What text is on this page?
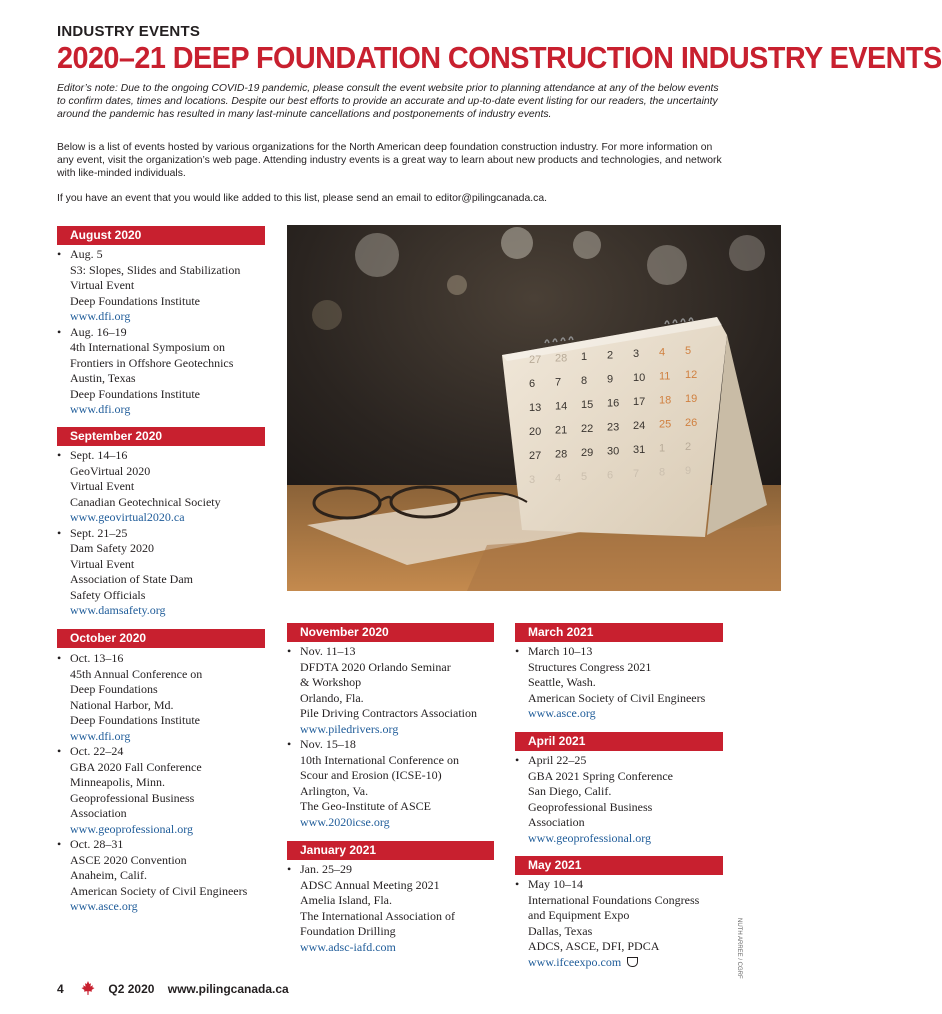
INDUSTRY EVENTS
2020–21 DEEP FOUNDATION CONSTRUCTION INDUSTRY EVENTS
Editor’s note: Due to the ongoing COVID-19 pandemic, please consult the event website prior to planning attendance at any of the below events to confirm dates, times and locations. Despite our best efforts to provide an accurate and up-to-date event listing for our readers, the uncertainty around the pandemic has resulted in many last-minute cancellations and postponements of industry events.
Below is a list of events hosted by various organizations for the North American deep foundation construction industry. For more information on any event, visit the organization’s web page. Attending industry events is a great way to learn about new products and technologies, and network with like-minded individuals.
If you have an event that you would like added to this list, please send an email to editor@pilingcanada.ca.
August 2020
September 2020
October 2020	November 2020
January 2021
March 2021
April 2021
May 2021
• Aug. 5
S3: Slopes, Slides and Stabilization
Virtual Event
Deep Foundations Institute
www.dfi.org
• Aug. 16–19
4th International Symposium on
Frontiers in Offshore Geotechnics
Austin, Texas
Deep Foundations Institute
www.dfi.org
• Sept. 14–16
GeoVirtual 2020
Virtual Event
Canadian Geotechnical Society
www.geovirtual2020.ca
• Sept. 21–25
Dam Safety 2020
Virtual Event
Association of State Dam
Safety Officials
www.damsafety.org
• Oct. 13–16
45th Annual Conference on
Deep Foundations
National Harbor, Md.
Deep Foundations Institute
www.dfi.org
• Oct. 22–24
GBA 2020 Fall Conference
Minneapolis, Minn.
Geoprofessional Business
Association
www.geoprofessional.org
• Oct. 28–31
ASCE 2020 Convention
Anaheim, Calif.
American Society of Civil Engineers
www.asce.org
• Nov. 11–13
DFDTA 2020 Orlando Seminar
& Workshop
Orlando, Fla.
Pile Driving Contractors Association
www.piledrivers.org
• Nov. 15–18
10th International Conference on
Scour and Erosion (ICSE-10)
Arlington, Va.
The Geo-Institute of ASCE
www.2020icse.org
• Jan. 25–29
ADSC Annual Meeting 2021
Amelia Island, Fla.
The International Association of
Foundation Drilling
www.adsc-iafd.com
• March 10–13
Structures Congress 2021
Seattle, Wash.
American Society of Civil Engineers
www.asce.org
• April 22–25
GBA 2021 Spring Conference
San Diego, Calif.
Geoprofessional Business
Association
www.geoprofessional.org
• May 10–14
International Foundations Congress
and Equipment Expo
Dallas, Texas
ADCS, ASCE, DFI, PDCA
www.ifceexpo.com
27 28 1 2 3 4 5
6 7 8 9 10 11 12
13 14 15 16 17 18 19
20 21 22 23 24 25 26
27 28 29 30 31 1 2
3 4 5 6 7 8 9
NUTH ARREE / CGRF
4	Q2 2020 www.pilingcanada.ca
